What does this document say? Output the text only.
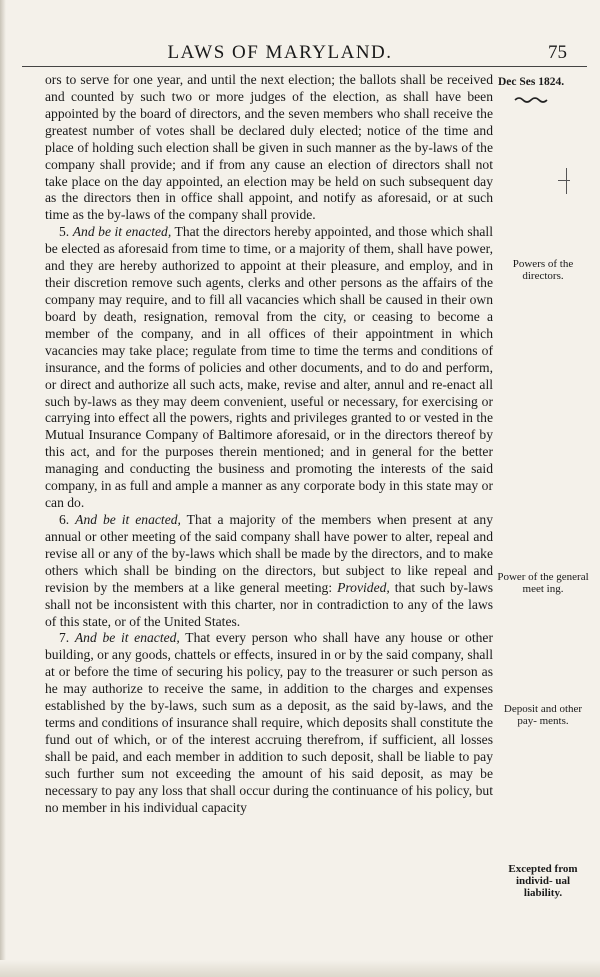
LAWS OF MARYLAND.	75
Dec Ses 1824.
Powers of the directors.
Power of the general meet ing.
Deposit and other pay- ments.
Excepted from individ- ual liability.

ors to serve for one year, and until the next election; the ballots shall be received and counted by such two or more judges of the election, as shall have been appointed by the board of directors, and the seven members who shall receive the greatest number of votes shall be declared duly elected; notice of the time and place of holding such election shall be given in such manner as the by-laws of the company shall provide; and if from any cause an election of directors shall not take place on the day appointed, an election may be held on such subsequent day as the directors then in office shall appoint, and notify as aforesaid, or at such time as the by-laws of the company shall provide.

5. And be it enacted, That the directors hereby appointed, and those which shall be elected as aforesaid from time to time, or a majority of them, shall have power, and they are hereby authorized to appoint at their pleasure, and employ, and in their discretion remove such agents, clerks and other persons as the affairs of the company may require, and to fill all vacancies which shall be caused in their own board by death, resignation, removal from the city, or ceasing to become a member of the company, and in all offices of their appointment in which vacancies may take place; regulate from time to time the terms and conditions of insurance, and the forms of policies and other documents, and to do and perform, or direct and authorize all such acts, make, revise and alter, annul and re-enact all such by-laws as they may deem convenient, useful or necessary, for exercising or carrying into effect all the powers, rights and privileges granted to or vested in the Mutual Insurance Company of Baltimore aforesaid, or in the directors thereof by this act, and for the purposes therein mentioned; and in general for the better managing and conducting the business and promoting the interests of the said company, in as full and ample a manner as any corporate body in this state may or can do.

6. And be it enacted, That a majority of the members when present at any annual or other meeting of the said company shall have power to alter, repeal and revise all or any of the by-laws which shall be made by the directors, and to make others which shall be binding on the directors, but subject to like repeal and revision by the members at a like general meeting: Provided, that such by-laws shall not be inconsistent with this charter, nor in contradiction to any of the laws of this state, or of the United States.

7. And be it enacted, That every person who shall have any house or other building, or any goods, chattels or effects, insured in or by the said company, shall at or before the time of securing his policy, pay to the treasurer or such person as he may authorize to receive the same, in addition to the charges and expenses established by the by-laws, such sum as a deposit, as the said by-laws, and the terms and conditions of insurance shall require, which deposits shall constitute the fund out of which, or of the interest accruing therefrom, if sufficient, all losses shall be paid, and each member in addition to such deposit, shall be liable to pay such further sum not exceeding the amount of his said deposit, as may be necessary to pay any loss that shall occur during the continuance of his policy, but no member in his individual capacity
